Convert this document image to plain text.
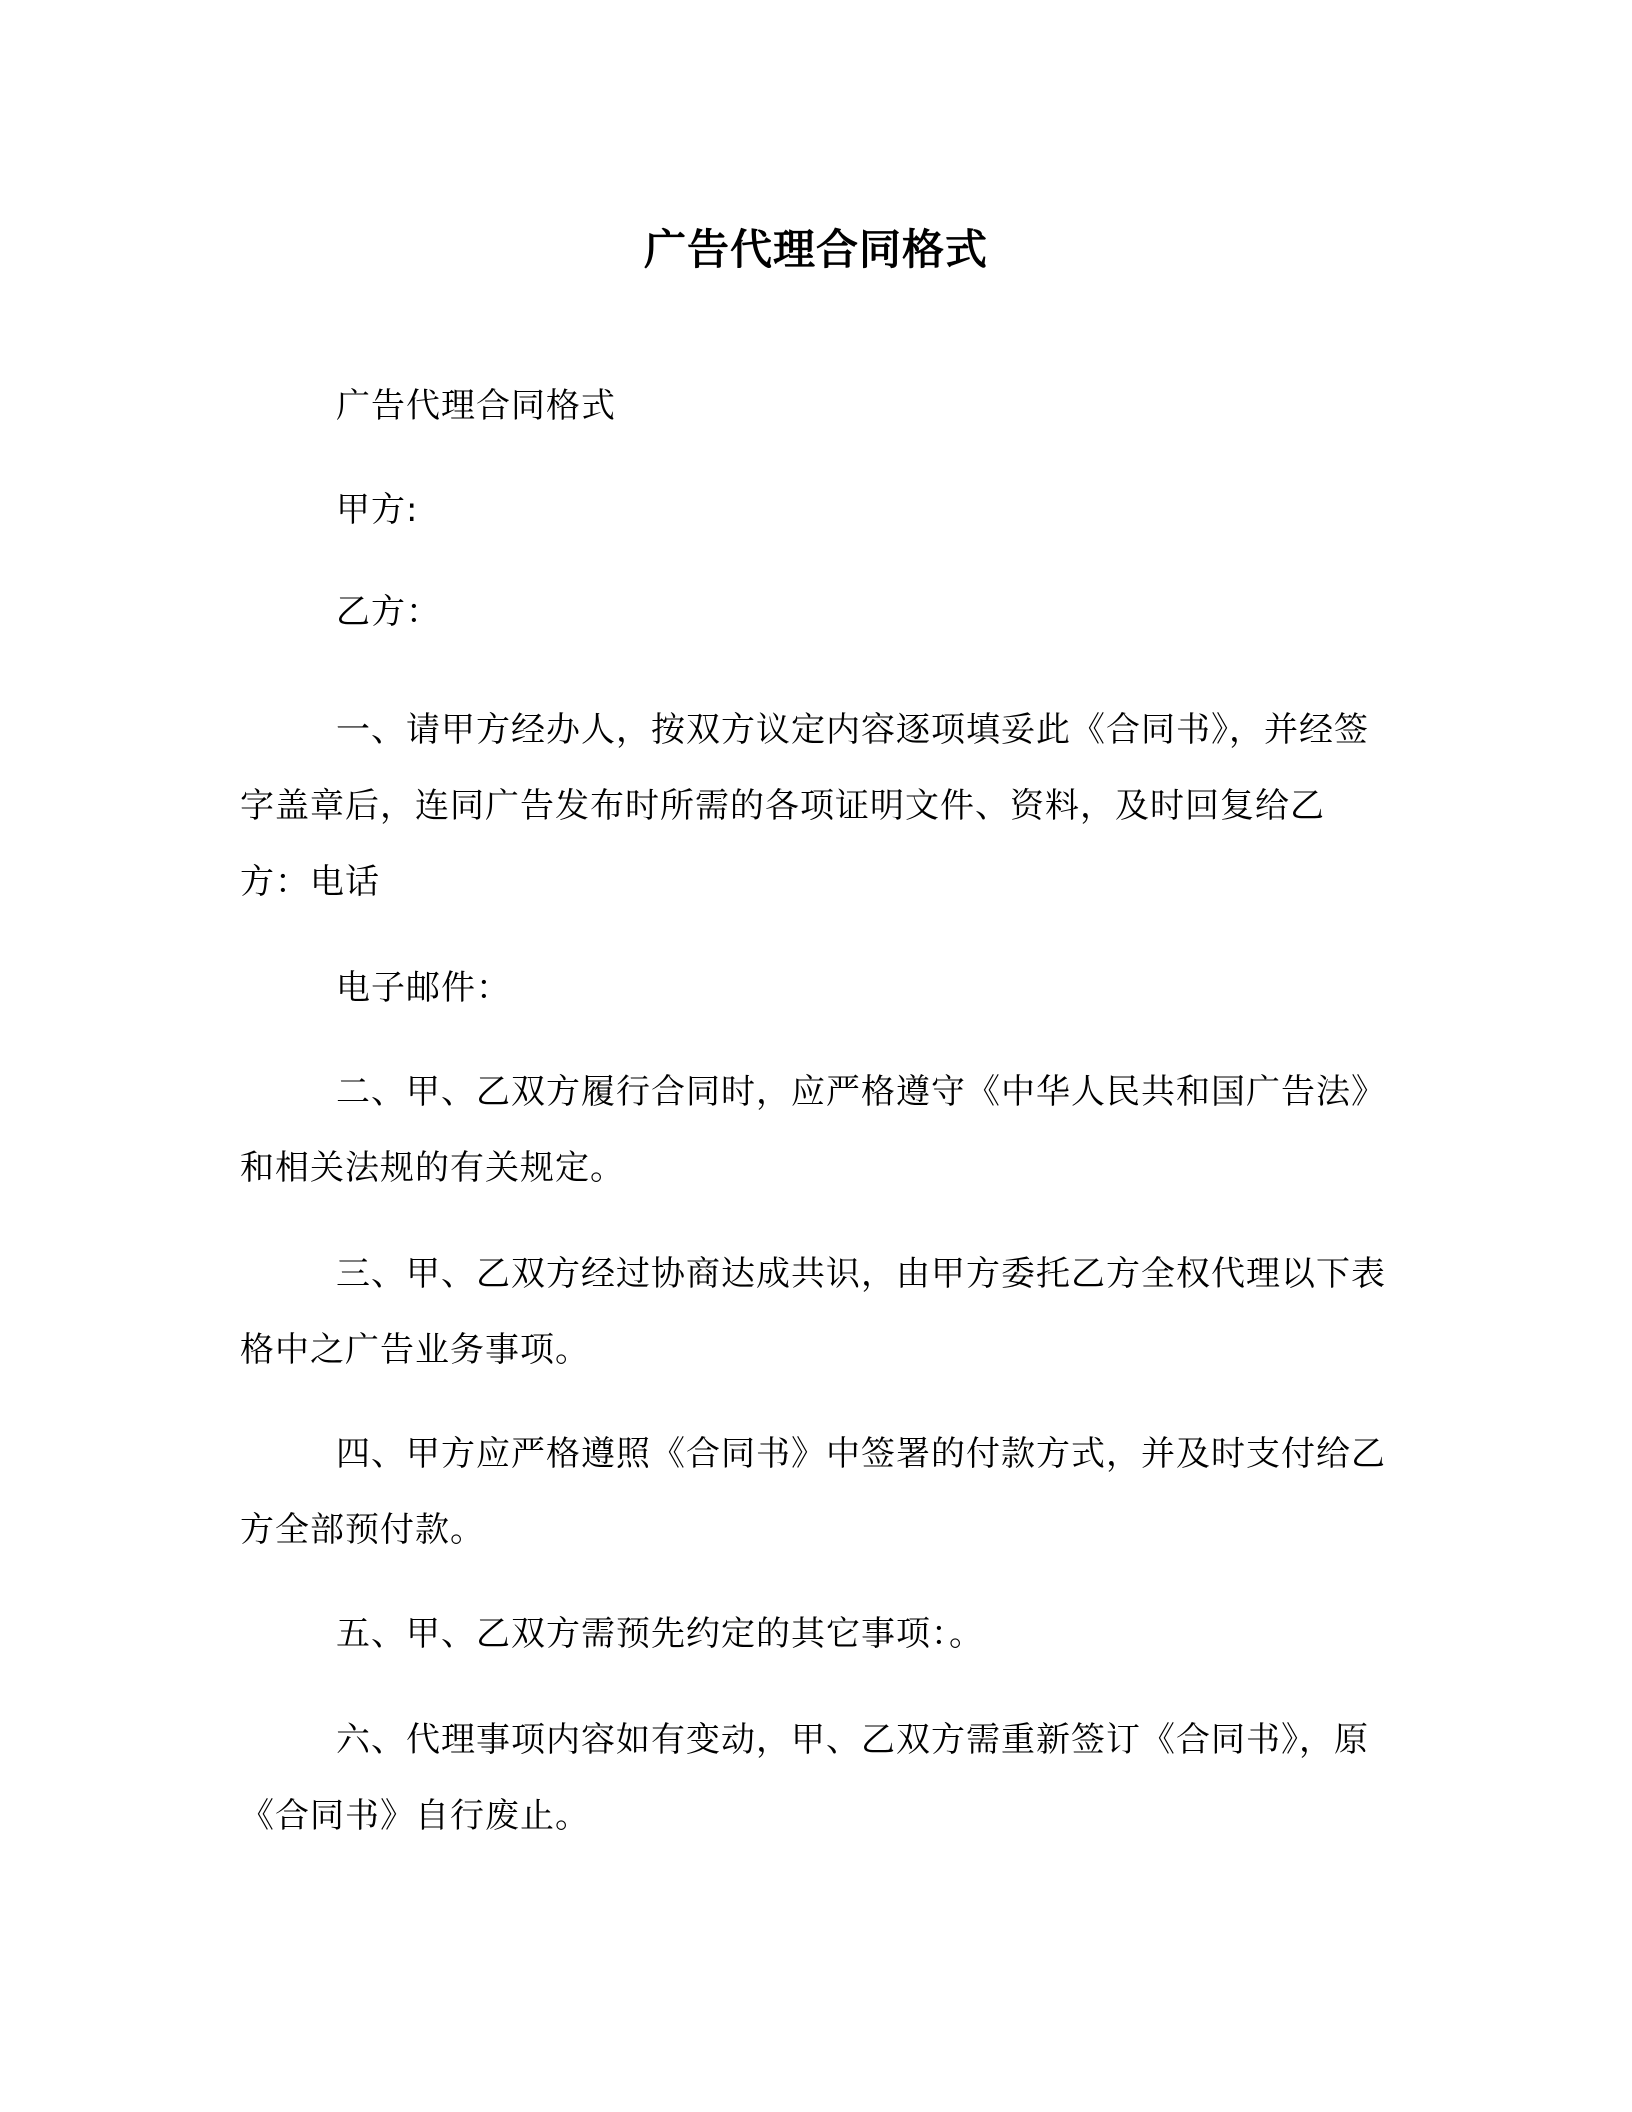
广告代理合同格式

广告代理合同格式

甲方:

乙方：

一、请甲方经办人，按双方议定内容逐项填妥此《合同书》，并经签字盖章后，连同广告发布时所需的各项证明文件、资料，及时回复给乙方：电话

电子邮件：

二、甲、乙双方履行合同时，应严格遵守《中华人民共和国广告法》和相关法规的有关规定。

三、甲、乙双方经过协商达成共识，由甲方委托乙方全权代理以下表格中之广告业务事项。

四、甲方应严格遵照《合同书》中签署的付款方式，并及时支付给乙方全部预付款。

五、甲、乙双方需预先约定的其它事项：。

六、代理事项内容如有变动，甲、乙双方需重新签订《合同书》，原《合同书》自行废止。
